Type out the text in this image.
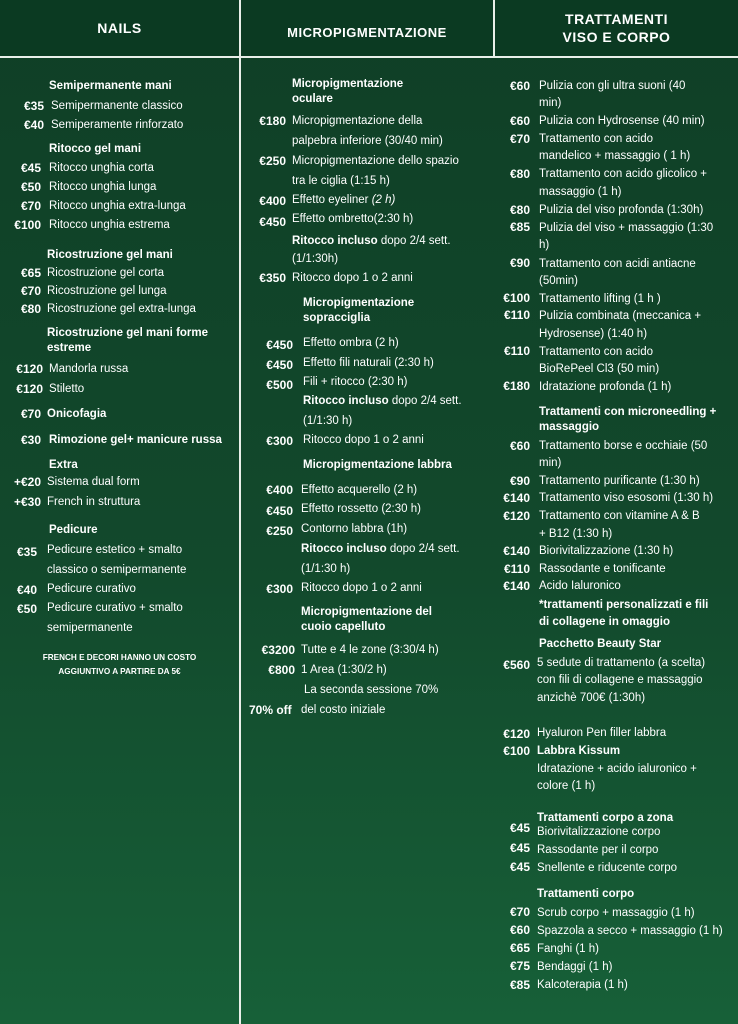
NAILS	MICROPIGMENTAZIONE
TRATTAMENTI
VISO E CORPO
Semipermanente mani
€35 Semipermanente classico
€40 Semiperamente rinforzato
Ritocco gel mani
€45 Ritocco unghia corta
€50 Ritocco unghia lunga
€70 Ritocco unghia extra-lunga
€100 Ritocco unghia estrema
Ricostruzione gel mani
€65 Ricostruzione gel corta
€70 Ricostruzione gel lunga
€80 Ricostruzione gel extra-lunga
Ricostruzione gel mani forme estreme
€120 Mandorla russa
€120 Stiletto
€70 Onicofagia
€30 Rimozione gel+ manicure russa
Extra
+€20 Sistema dual form
+€30 French in struttura
Pedicure
€35 Pedicure estetico + smalto
classico o semipermanente
€40 Pedicure curativo
€50 Pedicure curativo + smalto
semipermanente
FRENCH E DECORI HANNO UN COSTO
AGGIUNTIVO A PARTIRE DA 5€
Micropigmentazione oculare
€180 Micropigmentazione della
palpebra inferiore (30/40 min)
€250 Micropigmentazione dello spazio
tra le ciglia (1:15 h)
€400 Effetto eyeliner (2 h)
€450 Effetto ombretto(2:30 h)
Ritocco incluso dopo 2/4 sett.
(1/1:30h)
€350 Ritocco dopo 1 o 2 anni
Micropigmentazione sopracciglia
€450 Effetto ombra (2 h)
€450 Effetto fili naturali (2:30 h)
€500 Fili + ritocco (2:30 h)
Ritocco incluso dopo 2/4 sett.
(1/1:30 h)
€300 Ritocco dopo 1 o 2 anni
Micropigmentazione labbra
€400 Effetto acquerello (2 h)
€450 Effetto rossetto (2:30 h)
€250 Contorno labbra (1h)
Ritocco incluso dopo 2/4 sett.
(1/1:30 h)
€300 Ritocco dopo 1 o 2 anni
Micropigmentazione del cuoio capelluto
€3200 Tutte e 4 le zone (3:30/4 h)
€800 1 Area (1:30/2 h)
La seconda sessione 70%
70% off del costo iniziale
€60 Pulizia con gli ultra suoni (40
min)
€60 Pulizia con Hydrosense (40 min)
€70 Trattamento con acido
mandelico + massaggio ( 1 h)
€80 Trattamento con acido glicolico +
massaggio (1 h)
€80 Pulizia del viso profonda (1:30h)
€85 Pulizia del viso + massaggio (1:30
h)
€90 Trattamento con acidi antiacne
(50min)
€100 Trattamento lifting (1 h )
€110 Pulizia combinata (meccanica +
Hydrosense) (1:40 h)
€110 Trattamento con acido
BioRePeel Cl3 (50 min)
€180 Idratazione profonda (1 h)
Trattamenti con microneedling + massaggio
€60 Trattamento borse e occhiaie (50
min)
€90 Trattamento purificante (1:30 h)
€140 Trattamento viso esosomi (1:30 h)
€120 Trattamento con vitamine A & B
+ B12 (1:30 h)
€140 Biorivitalizzazione (1:30 h)
€110 Rassodante e tonificante
€140 Acido Ialuronico
*trattamenti personalizzati e fili
di collagene in omaggio
Pacchetto Beauty Star
€560 5 sedute di trattamento (a scelta)
con fili di collagene e massaggio
anzichè 700€ (1:30h)
€120 Hyaluron Pen filler labbra
€100 Labbra Kissum
Idratazione + acido ialuronico +
colore (1 h)
Trattamenti corpo a zona
€45 Biorivitalizzazione corpo
€45 Rassodante per il corpo
€45 Snellente e riducente corpo
Trattamenti corpo
€70 Scrub corpo + massaggio (1 h)
€60 Spazzola a secco + massaggio (1 h)
€65 Fanghi (1 h)
€75 Bendaggi (1 h)
€85 Kalcoterapia (1 h)
